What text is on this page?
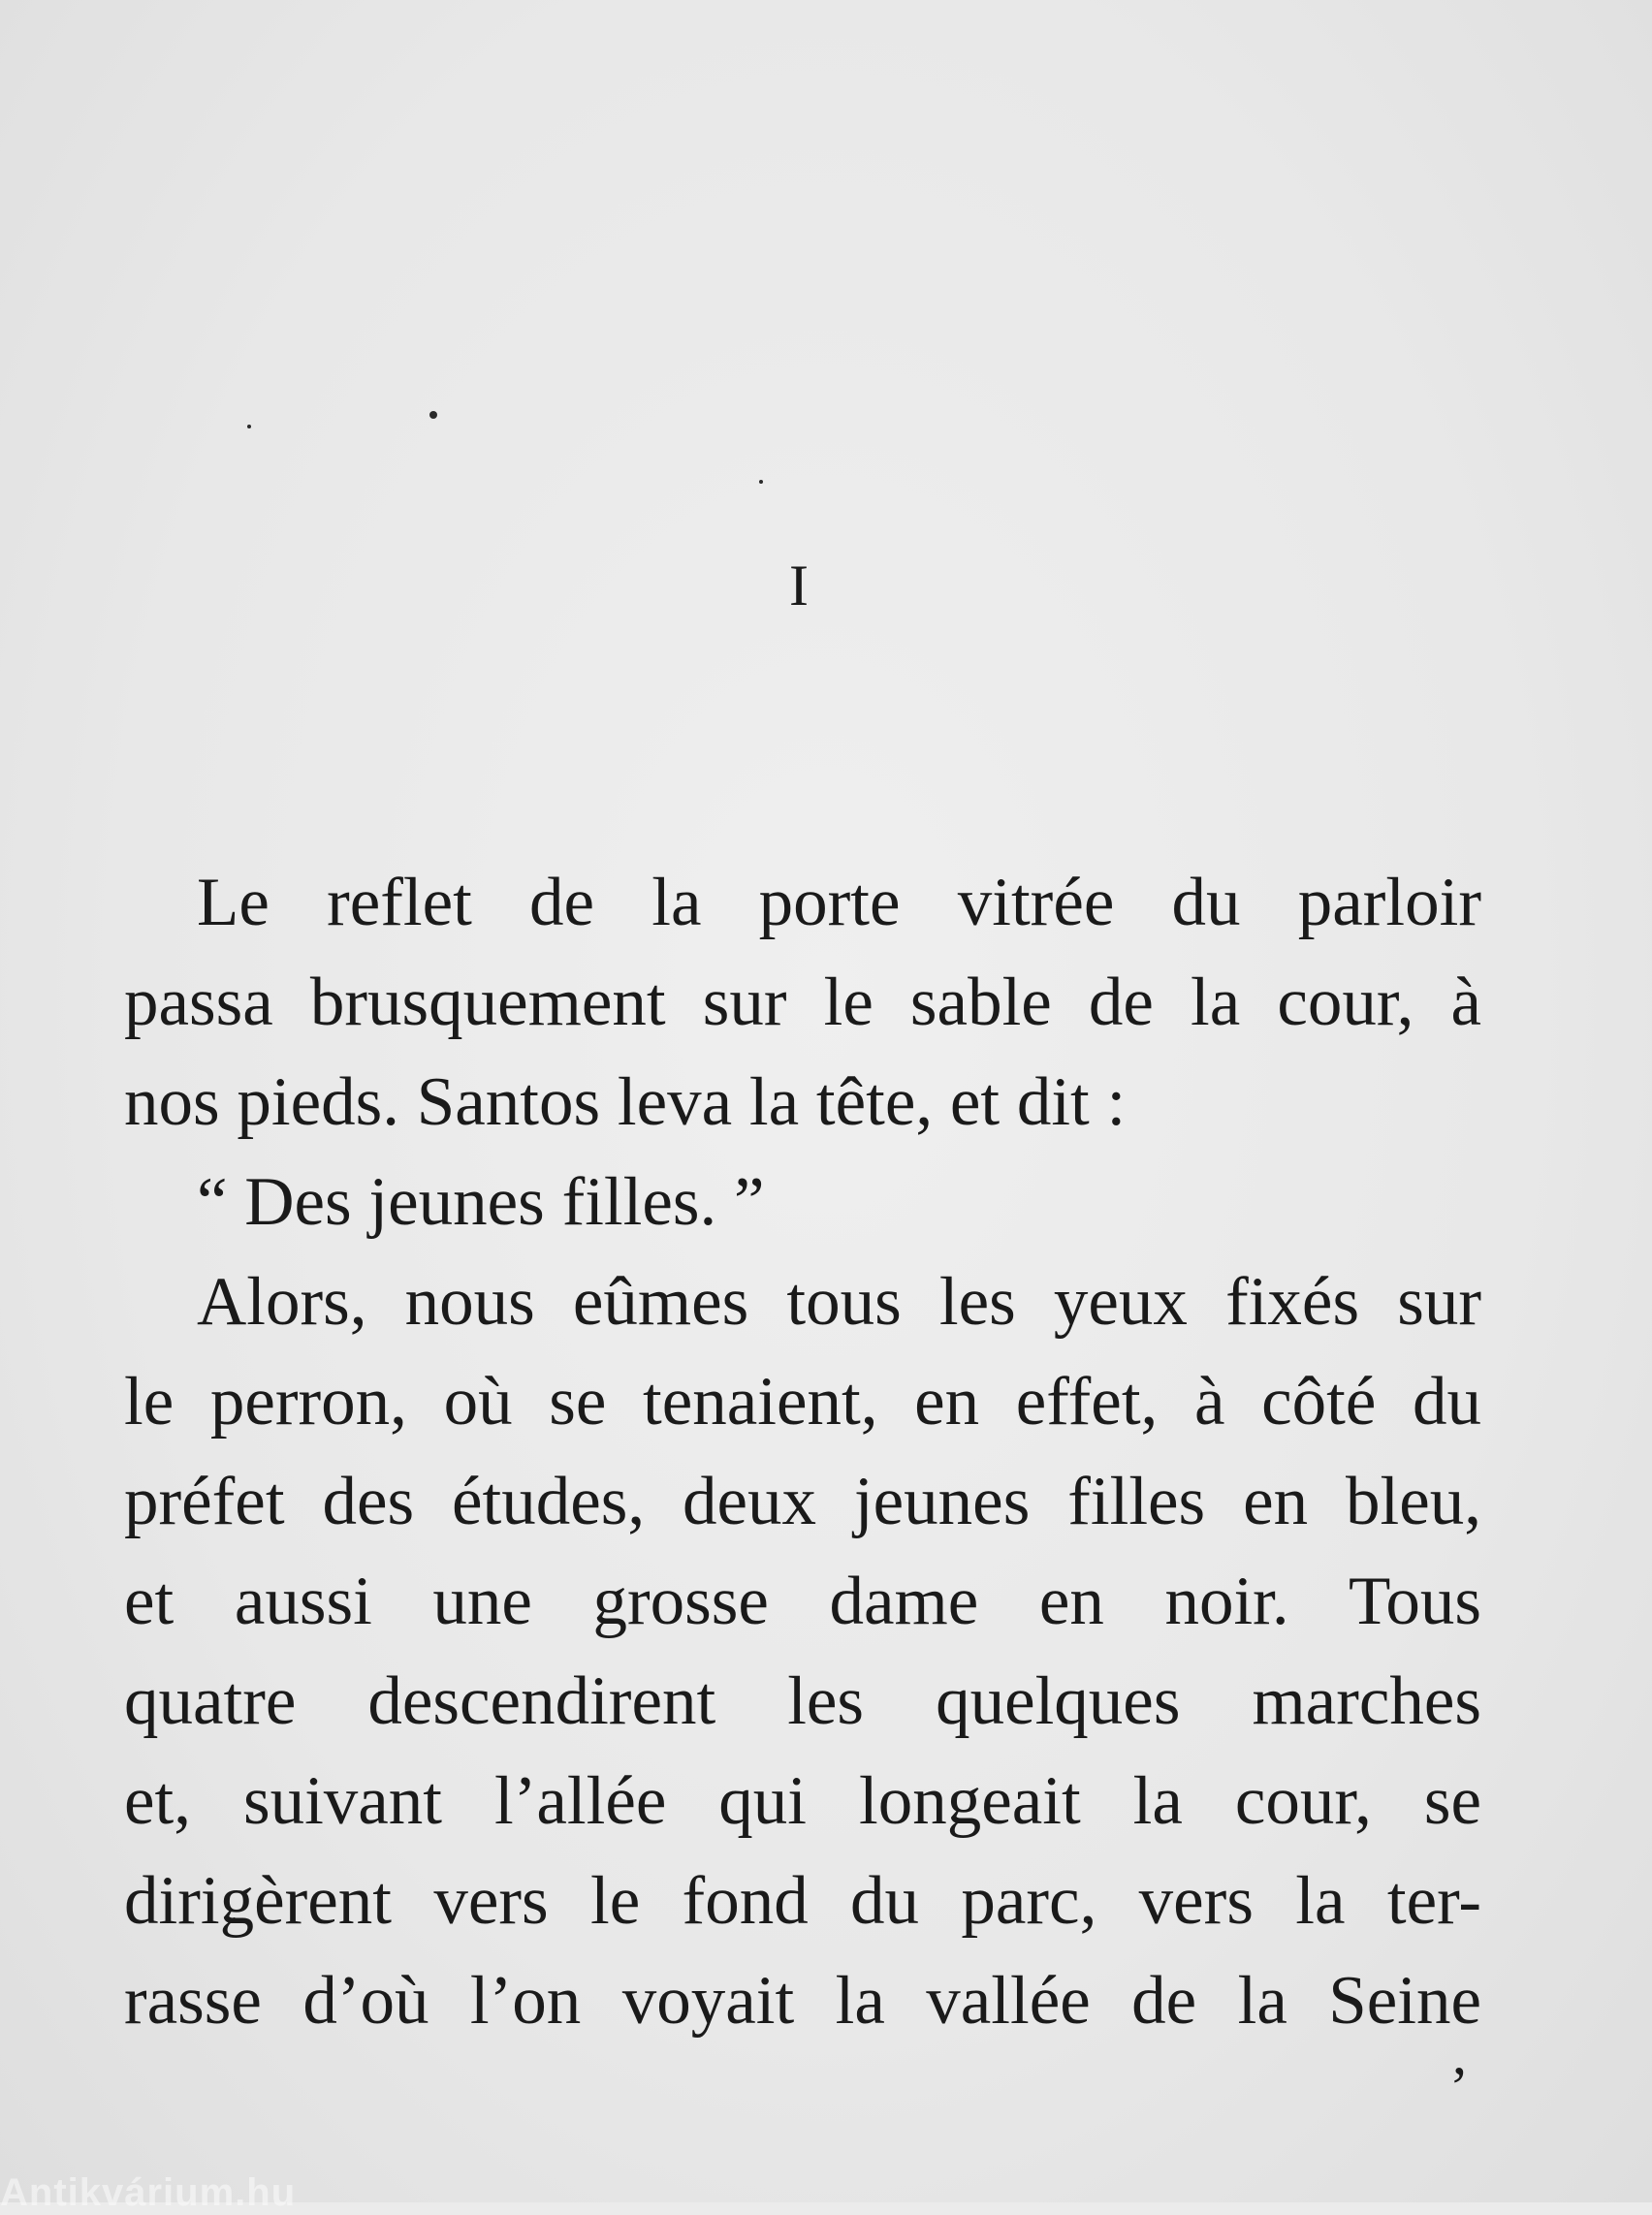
I
Le reflet de la porte vitrée du parloir
passa brusquement sur le sable de la cour, à
nos pieds. Santos leva la tête, et dit :
“ Des jeunes filles. ”
Alors, nous eûmes tous les yeux fixés sur
le perron, où se tenaient, en effet, à côté du
préfet des études, deux jeunes filles en bleu,
et aussi une grosse dame en noir. Tous
quatre descendirent les quelques marches
et, suivant l’allée qui longeait la cour, se
dirigèrent vers le fond du parc, vers la ter-
rasse d’où l’on voyait la vallée de la Seine
,
Antikvárium.hu
